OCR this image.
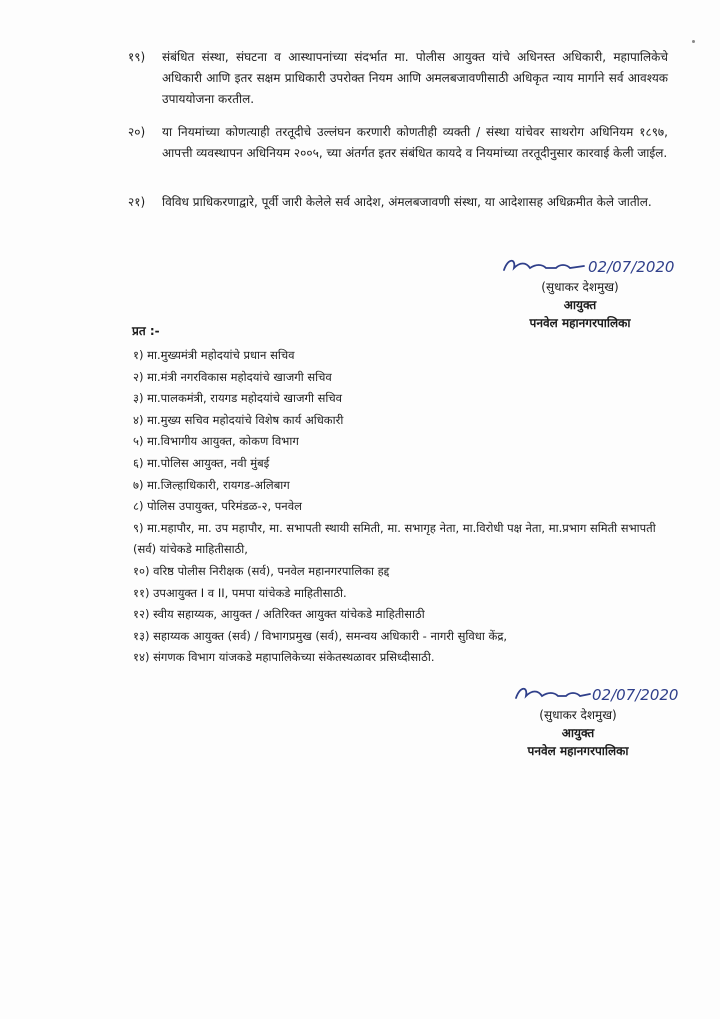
१९) संबंधित संस्था, संघटना व आस्थापनांच्या संदर्भात मा. पोलीस आयुक्त यांचे अधिनस्त अधिकारी, महापालिकेचे अधिकारी आणि इतर सक्षम प्राधिकारी उपरोक्त नियम आणि अमलबजावणीसाठी अधिकृत न्याय मार्गाने सर्व आवश्यक उपाययोजना करतील.
२०) या नियमांच्या कोणत्याही तरतूदीचे उल्लंघन करणारी कोणतीही व्यक्ती / संस्था यांचेवर साथरोग अधिनियम १८९७, आपत्ती व्यवस्थापन अधिनियम २००५, च्या अंतर्गत इतर संबंधित कायदे व नियमांच्या तरतूदीनुसार कारवाई केली जाईल.
२१) विविध प्राधिकरणाद्वारे, पूर्वी जारी केलेले सर्व आदेश, अंमलबजावणी संस्था, या आदेशासह अधिक्रमीत केले जातील.
02/07/2020
(सुधाकर देशमुख)
आयुक्त
पनवेल महानगरपालिका
प्रत :-
१) मा.मुख्यमंत्री महोदयांचे प्रधान सचिव
२) मा.मंत्री नगरविकास महोदयांचे खाजगी सचिव
३) मा.पालकमंत्री, रायगड महोदयांचे खाजगी सचिव
४) मा.मुख्य सचिव महोदयांचे विशेष कार्य अधिकारी
५) मा.विभागीय आयुक्त, कोकण विभाग
६) मा.पोलिस आयुक्त, नवी मुंबई
७) मा.जिल्हाधिकारी, रायगड-अलिबाग
८) पोलिस उपायुक्त, परिमंडळ-२, पनवेल
९) मा.महापौर, मा. उप महापौर, मा. सभापती स्थायी समिती, मा. सभागृह नेता, मा.विरोधी पक्ष नेता, मा.प्रभाग समिती सभापती (सर्व) यांचेकडे माहितीसाठी,
१०) वरिष्ठ पोलीस निरीक्षक (सर्व), पनवेल महानगरपालिका हद्द
११) उपआयुक्त I व II, पमपा यांचेकडे माहितीसाठी.
१२) स्वीय सहाय्यक, आयुक्त / अतिरिक्त आयुक्त यांचेकडे माहितीसाठी
१३) सहाय्यक आयुक्त (सर्व) / विभागप्रमुख (सर्व), समन्वय अधिकारी - नागरी सुविधा केंद्र,
१४) संगणक विभाग यांजकडे महापालिकेच्या संकेतस्थळावर प्रसिध्दीसाठी.
02/07/2020
(सुधाकर देशमुख)
आयुक्त
पनवेल महानगरपालिका
